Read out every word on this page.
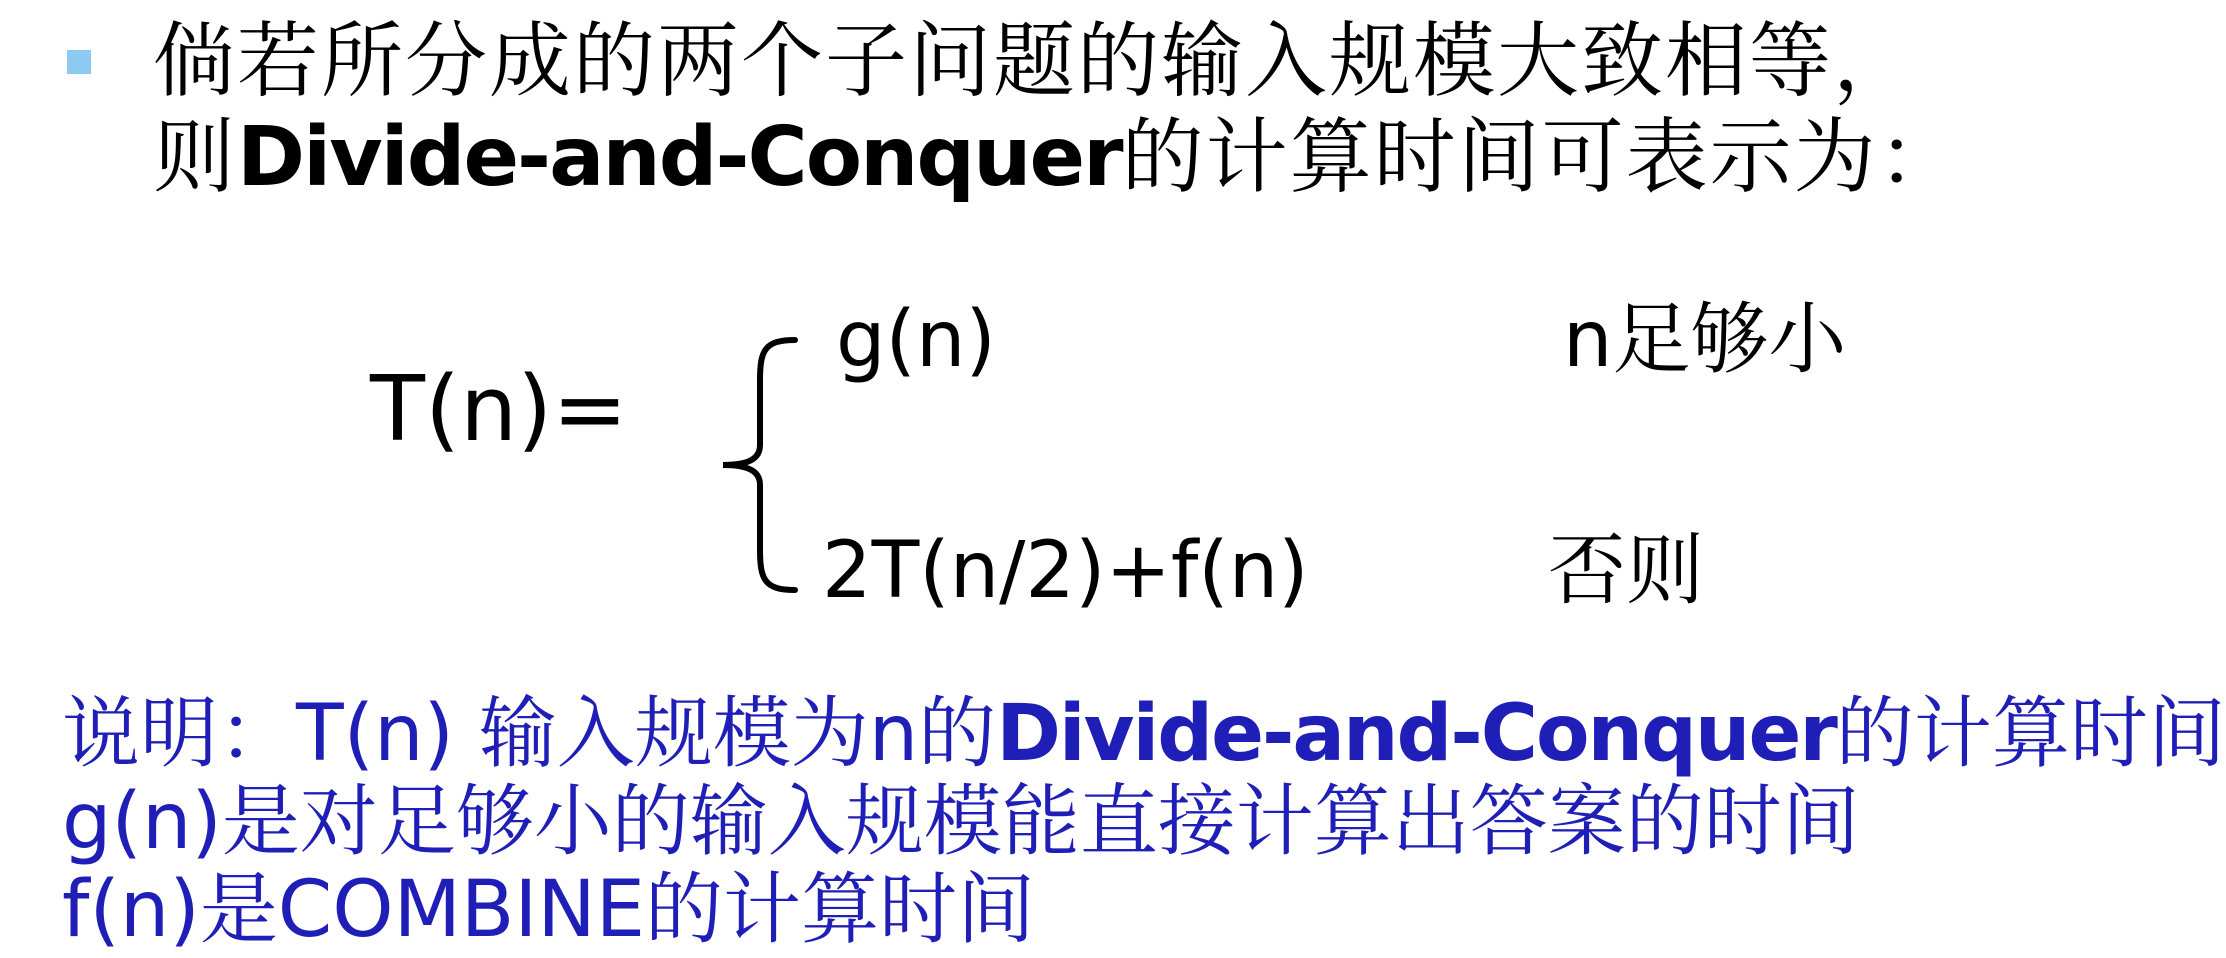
倘若所分成的两个子问题的输入规模大致相等，
则Divide-and-Conquer的计算时间可表示为：
T(n)=
g(n)	n足够小
2T(n/2)+f(n)	否则
说明：T(n) 输入规模为n的Divide-and-Conquer的计算时间
g(n)是对足够小的输入规模能直接计算出答案的时间
f(n)是COMBINE的计算时间
